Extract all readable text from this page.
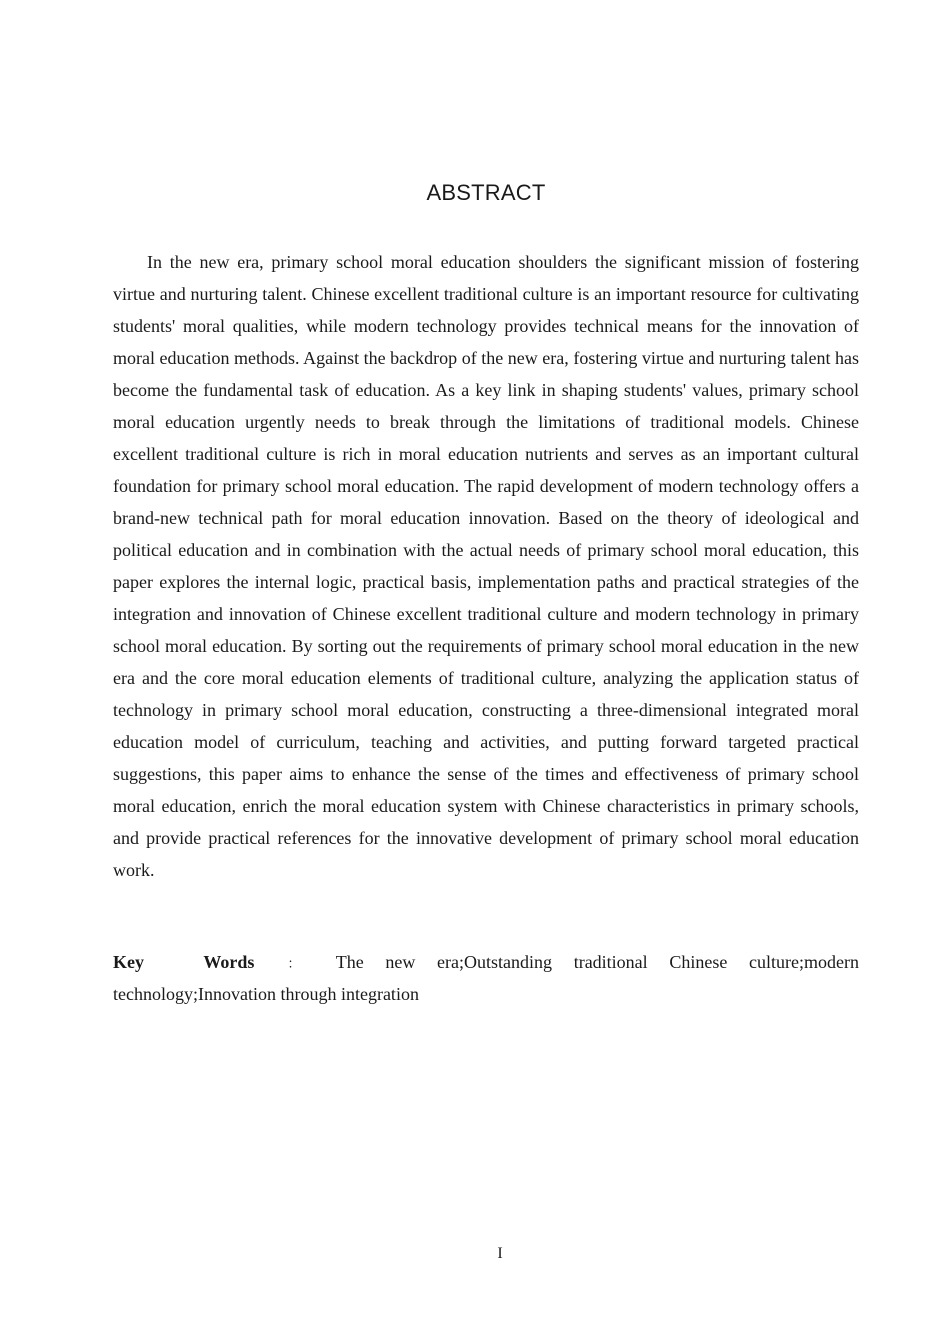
ABSTRACT

In the new era, primary school moral education shoulders the significant mission of fostering virtue and nurturing talent. Chinese excellent traditional culture is an important resource for cultivating students' moral qualities, while modern technology provides technical means for the innovation of moral education methods. Against the backdrop of the new era, fostering virtue and nurturing talent has become the fundamental task of education. As a key link in shaping students' values, primary school moral education urgently needs to break through the limitations of traditional models. Chinese excellent traditional culture is rich in moral education nutrients and serves as an important cultural foundation for primary school moral education. The rapid development of modern technology offers a brand-new technical path for moral education innovation. Based on the theory of ideological and political education and in combination with the actual needs of primary school moral education, this paper explores the internal logic, practical basis, implementation paths and practical strategies of the integration and innovation of Chinese excellent traditional culture and modern technology in primary school moral education. By sorting out the requirements of primary school moral education in the new era and the core moral education elements of traditional culture, analyzing the application status of technology in primary school moral education, constructing a three-dimensional integrated moral education model of curriculum, teaching and activities, and putting forward targeted practical suggestions, this paper aims to enhance the sense of the times and effectiveness of primary school moral education, enrich the moral education system with Chinese characteristics in primary schools, and provide practical references for the innovative development of primary school moral education work.

Key Words ： The new era;Outstanding traditional Chinese culture;modern technology;Innovation through integration

I
